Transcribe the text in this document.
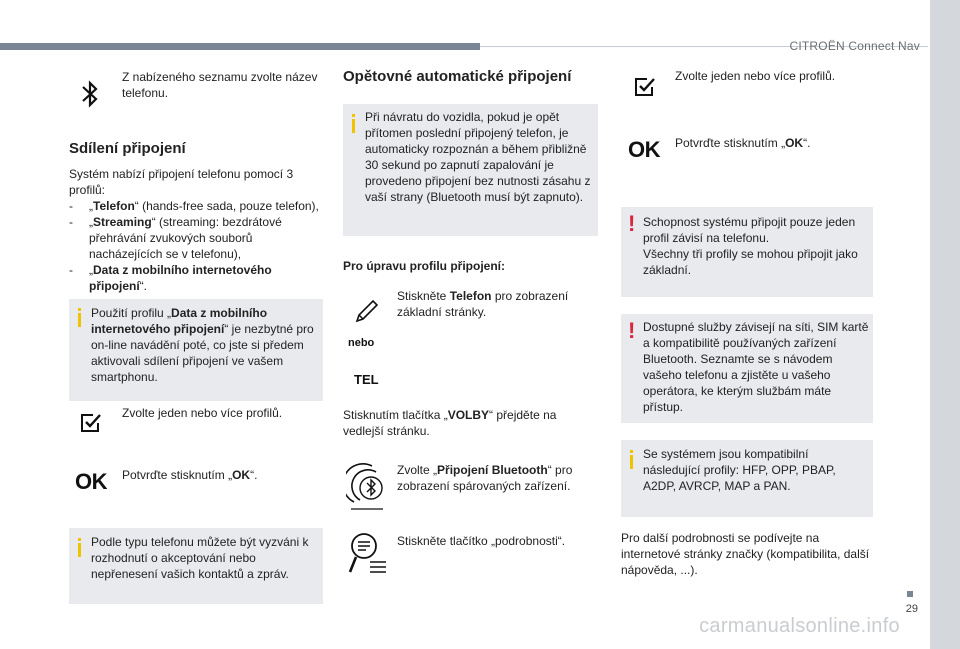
CITROËN Connect Nav
29
carmanualsonline.info
Z nabízeného seznamu zvolte název telefonu.
Sdílení připojení
Systém nabízí připojení telefonu pomocí 3 profilů:
- „Telefon“ (hands-free sada, pouze telefon),
- „Streaming“ (streaming: bezdrátové přehrávání zvukových souborů nacházejících se v telefonu),
- „Data z mobilního internetového připojení“.
Použití profilu „Data z mobilního internetového připojení“ je nezbytné pro on-line navádění poté, co jste si předem aktivovali sdílení připojení ve vašem smartphonu.
Zvolte jeden nebo více profilů.
OK Potvrďte stisknutím „OK“.
Podle typu telefonu můžete být vyzváni k rozhodnutí o akceptování nebo nepřenesení vašich kontaktů a zpráv.
Opětovné automatické připojení
Při návratu do vozidla, pokud je opět přítomen poslední připojený telefon, je automaticky rozpoznán a během přibližně 30 sekund po zapnutí zapalování je provedeno připojení bez nutnosti zásahu z vaší strany (Bluetooth musí být zapnuto).
Pro úpravu profilu připojení:
Stiskněte Telefon pro zobrazení základní stránky.
nebo
TEL
Stisknutím tlačítka „VOLBY“ přejděte na vedlejší stránku.
Zvolte „Připojení Bluetooth“ pro zobrazení spárovaných zařízení.
Stiskněte tlačítko „podrobnosti“.
Zvolte jeden nebo více profilů.
OK Potvrďte stisknutím „OK“.
! Schopnost systému připojit pouze jeden profil závisí na telefonu.
Všechny tři profily se mohou připojit jako základní.
! Dostupné služby závisejí na síti, SIM kartě a kompatibilitě používaných zařízení Bluetooth. Seznamte se s návodem vašeho telefonu a zjistěte u vašeho operátora, ke kterým službám máte přístup.
Se systémem jsou kompatibilní následující profily: HFP, OPP, PBAP, A2DP, AVRCP, MAP a PAN.
Pro další podrobnosti se podívejte na internetové stránky značky (kompatibilita, další nápověda, ...).
